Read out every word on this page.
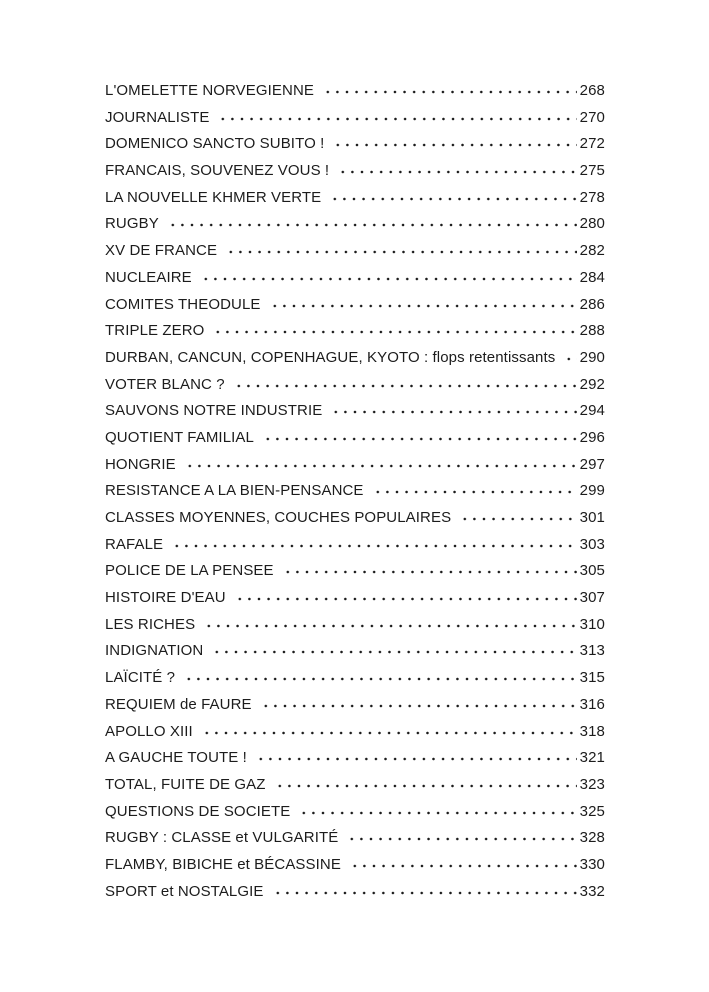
L'OMELETTE NORVEGIENNE	268
JOURNALISTE	270
DOMENICO SANCTO SUBITO !	272
FRANCAIS, SOUVENEZ VOUS !	275
LA NOUVELLE KHMER VERTE	278
RUGBY	280
XV DE FRANCE	282
NUCLEAIRE	284
COMITES THEODULE	286
TRIPLE ZERO	288
DURBAN, CANCUN, COPENHAGUE, KYOTO : flops retentissants 290
VOTER BLANC ?	292
SAUVONS NOTRE INDUSTRIE	294
QUOTIENT FAMILIAL	296
HONGRIE	297
RESISTANCE A LA BIEN-PENSANCE	299
CLASSES MOYENNES, COUCHES POPULAIRES	301
RAFALE	303
POLICE DE LA PENSEE	305
HISTOIRE D'EAU	307
LES RICHES	310
INDIGNATION	313
LAÏCITÉ ?	315
REQUIEM de FAURE	316
APOLLO XIII	318
A GAUCHE TOUTE !	321
TOTAL, FUITE DE GAZ	323
QUESTIONS DE SOCIETE	325
RUGBY : CLASSE et VULGARITÉ	328
FLAMBY, BIBICHE et BÉCASSINE	330
SPORT et NOSTALGIE	332
